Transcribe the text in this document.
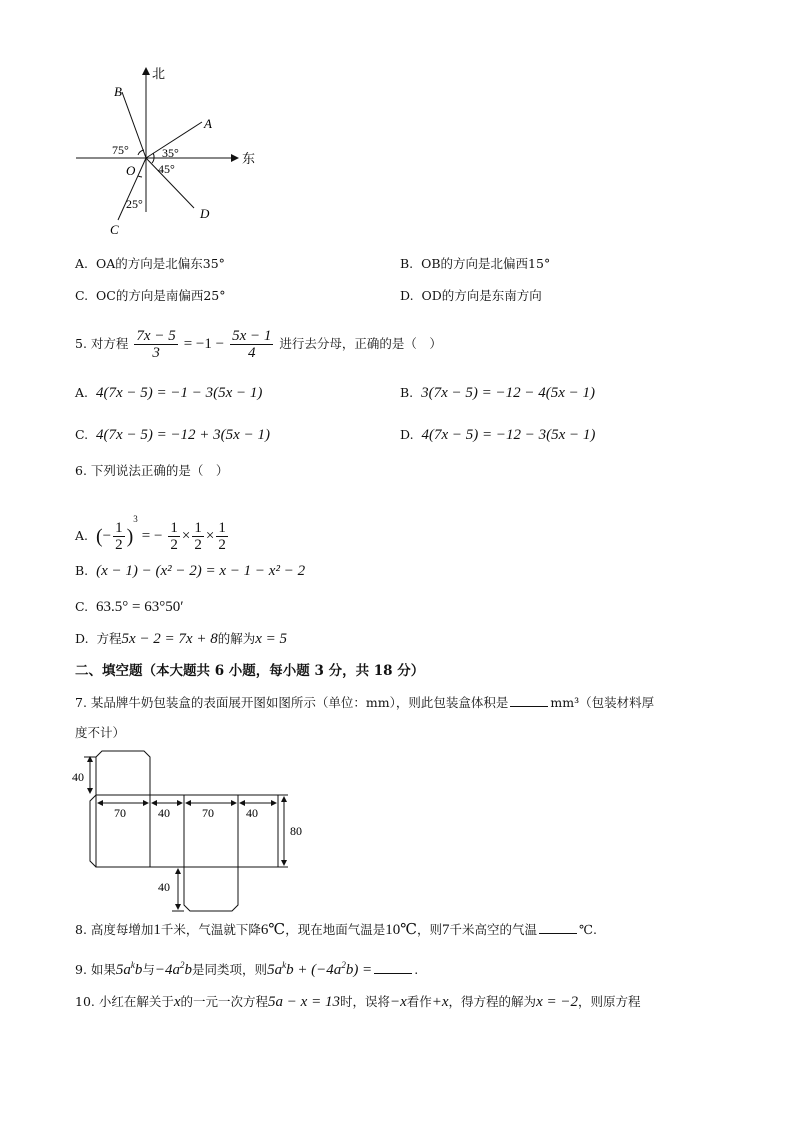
北
东
O
A
B
C
D
75°	35°
45°
25°
A. OA的方向是北偏东35°	B. OB的方向是北偏西15°
C. OC的方向是南偏西25°	D. OD的方向是东南方向
5. 对方程 $\frac{7x - 5}{3} = -1 - \frac{5x - 1}{4}$ 进行去分母，正确的是（　）
A. 4(7x − 5) = −1 − 3(5x − 1)	B. 3(7x − 5) = −12 − 4(5x − 1)
C. 4(7x − 5) = −12 + 3(5x − 1)	D. 4(7x − 5) = −12 − 3(5x − 1)
6. 下列说法正确的是（　）
A. (− $\frac{1}{2} )^3$ = − $\frac{1}{2} \times \frac{1}{2} \times \frac{1}{2}$
B. (x − 1) − (x² − 2) = x − 1 − x² − 2
C. 63.5° = 63°50′
D. 方程5x − 2 = 7x + 8的解为x = 5
二、填空题（本大题共 6 小题，每小题 3 分，共 18 分）
7. 某品牌牛奶包装盒的表面展开图如图所示（单位：mm），则此包装盒体积是	mm³（包装材料厚
度不计）
40
70	40	70	40
80
40
8. 高度每增加1千米，气温就下降6℃，现在地面气温是10℃，则7千米高空的气温	℃.
9. 如果$5a^kb$与$-4a^2b$是同类项，则$5a^kb + (-4a^2b)$ =	.
10. 小红在解关于x的一元一次方程5a − x = 13时，误将−x看作+x，得方程的解为x = −2，则原方程
